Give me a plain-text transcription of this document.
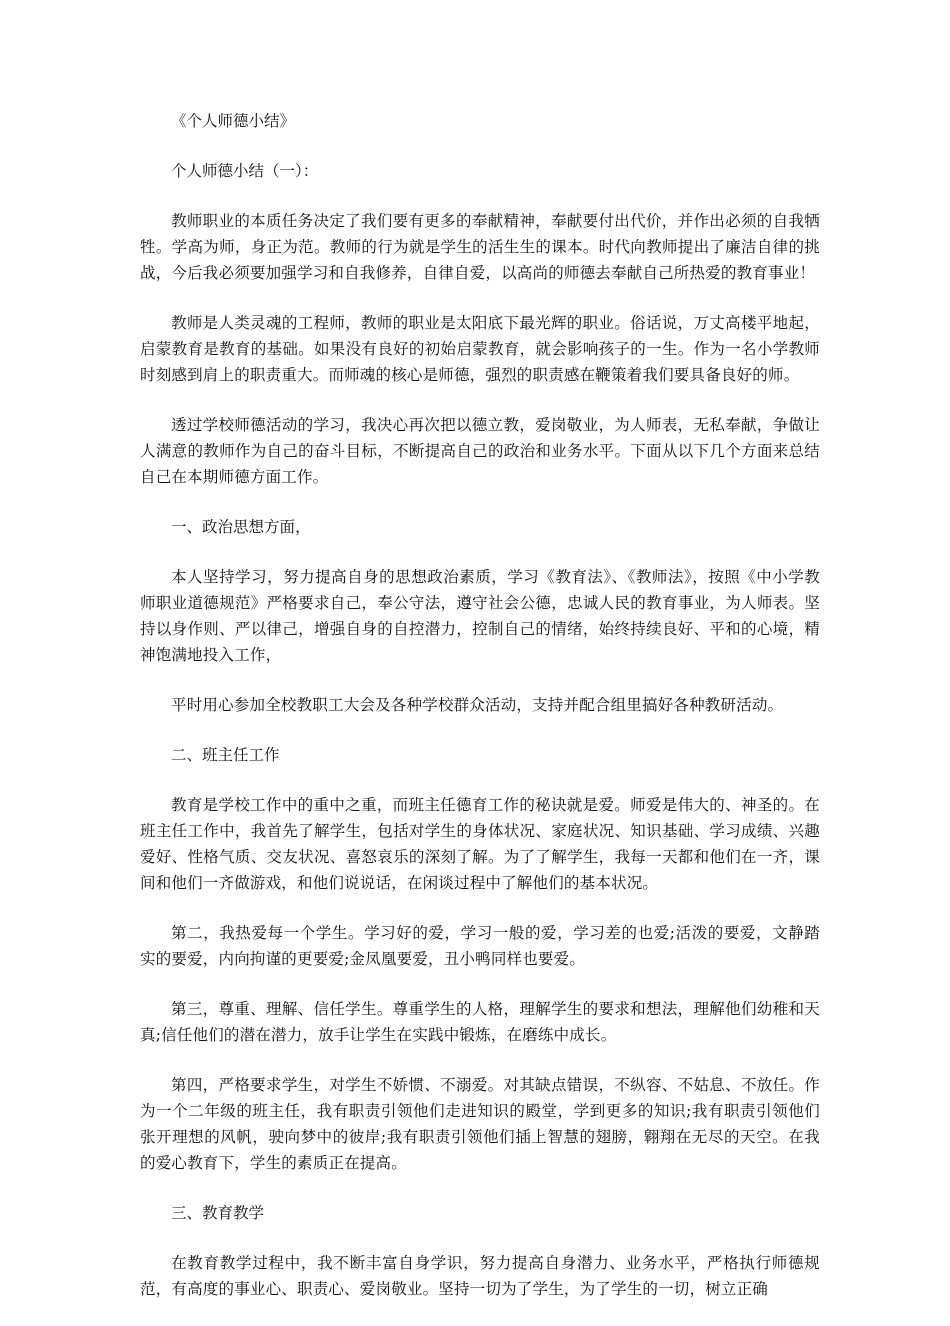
《个人师德小结》

个人师德小结（一）：

教师职业的本质任务决定了我们要有更多的奉献精神，奉献要付出代价，并作出必须的自我牺牲。学高为师，身正为范。教师的行为就是学生的活生生的课本。时代向教师提出了廉洁自律的挑战，今后我必须要加强学习和自我修养，自律自爱，以高尚的师德去奉献自己所热爱的教育事业！

教师是人类灵魂的工程师，教师的职业是太阳底下最光辉的职业。俗话说，万丈高楼平地起，启蒙教育是教育的基础。如果没有良好的初始启蒙教育，就会影响孩子的一生。作为一名小学教师时刻感到肩上的职责重大。而师魂的核心是师德，强烈的职责感在鞭策着我们要具备良好的师。

透过学校师德活动的学习，我决心再次把以德立教，爱岗敬业，为人师表，无私奉献，争做让人满意的教师作为自己的奋斗目标，不断提高自己的政治和业务水平。下面从以下几个方面来总结自己在本期师德方面工作。

一、政治思想方面，

本人坚持学习，努力提高自身的思想政治素质，学习《教育法》、《教师法》，按照《中小学教师职业道德规范》严格要求自己，奉公守法，遵守社会公德，忠诚人民的教育事业，为人师表。坚持以身作则、严以律己，增强自身的自控潜力，控制自己的情绪，始终持续良好、平和的心境，精神饱满地投入工作，

平时用心参加全校教职工大会及各种学校群众活动，支持并配合组里搞好各种教研活动。

二、班主任工作

教育是学校工作中的重中之重，而班主任德育工作的秘诀就是爱。师爱是伟大的、神圣的。在班主任工作中，我首先了解学生，包括对学生的身体状况、家庭状况、知识基础、学习成绩、兴趣爱好、性格气质、交友状况、喜怒哀乐的深刻了解。为了了解学生，我每一天都和他们在一齐，课间和他们一齐做游戏，和他们说说话，在闲谈过程中了解他们的基本状况。

第二，我热爱每一个学生。学习好的爱，学习一般的爱，学习差的也爱;活泼的要爱，文静踏实的要爱，内向拘谨的更要爱;金凤凰要爱，丑小鸭同样也要爱。

第三，尊重、理解、信任学生。尊重学生的人格，理解学生的要求和想法，理解他们幼稚和天真;信任他们的潜在潜力，放手让学生在实践中锻炼，在磨练中成长。

第四，严格要求学生，对学生不娇惯、不溺爱。对其缺点错误，不纵容、不姑息、不放任。作为一个二年级的班主任，我有职责引领他们走进知识的殿堂，学到更多的知识;我有职责引领他们张开理想的风帆，驶向梦中的彼岸;我有职责引领他们插上智慧的翅膀，翱翔在无尽的天空。在我的爱心教育下，学生的素质正在提高。

三、教育教学

在教育教学过程中，我不断丰富自身学识，努力提高自身潜力、业务水平，严格执行师德规范，有高度的事业心、职责心、爱岗敬业。坚持一切为了学生，为了学生的一切，树立正确
